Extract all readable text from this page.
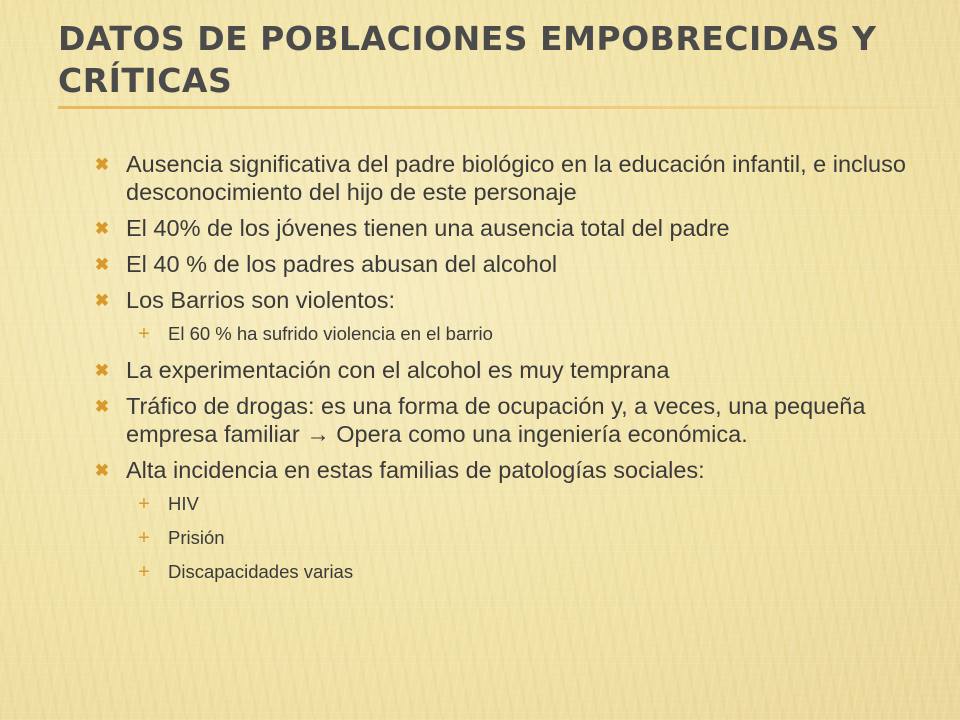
DATOS DE POBLACIONES EMPOBRECIDAS Y CRÍTICAS
✖ Ausencia significativa del padre biológico en la educación infantil, e incluso desconocimiento del hijo de este personaje
✖ El 40% de los jóvenes tienen una ausencia total del padre
✖ El 40 % de los padres abusan del alcohol
✖ Los Barrios son violentos:
+ El 60 % ha sufrido violencia en el barrio
✖ La experimentación con el alcohol es muy temprana
✖ Tráfico de drogas: es una forma de ocupación y, a veces, una pequeña empresa familiar → Opera como una ingeniería económica.
✖ Alta incidencia en estas familias de patologías sociales:
+ HIV
+ Prisión
+ Discapacidades varias
